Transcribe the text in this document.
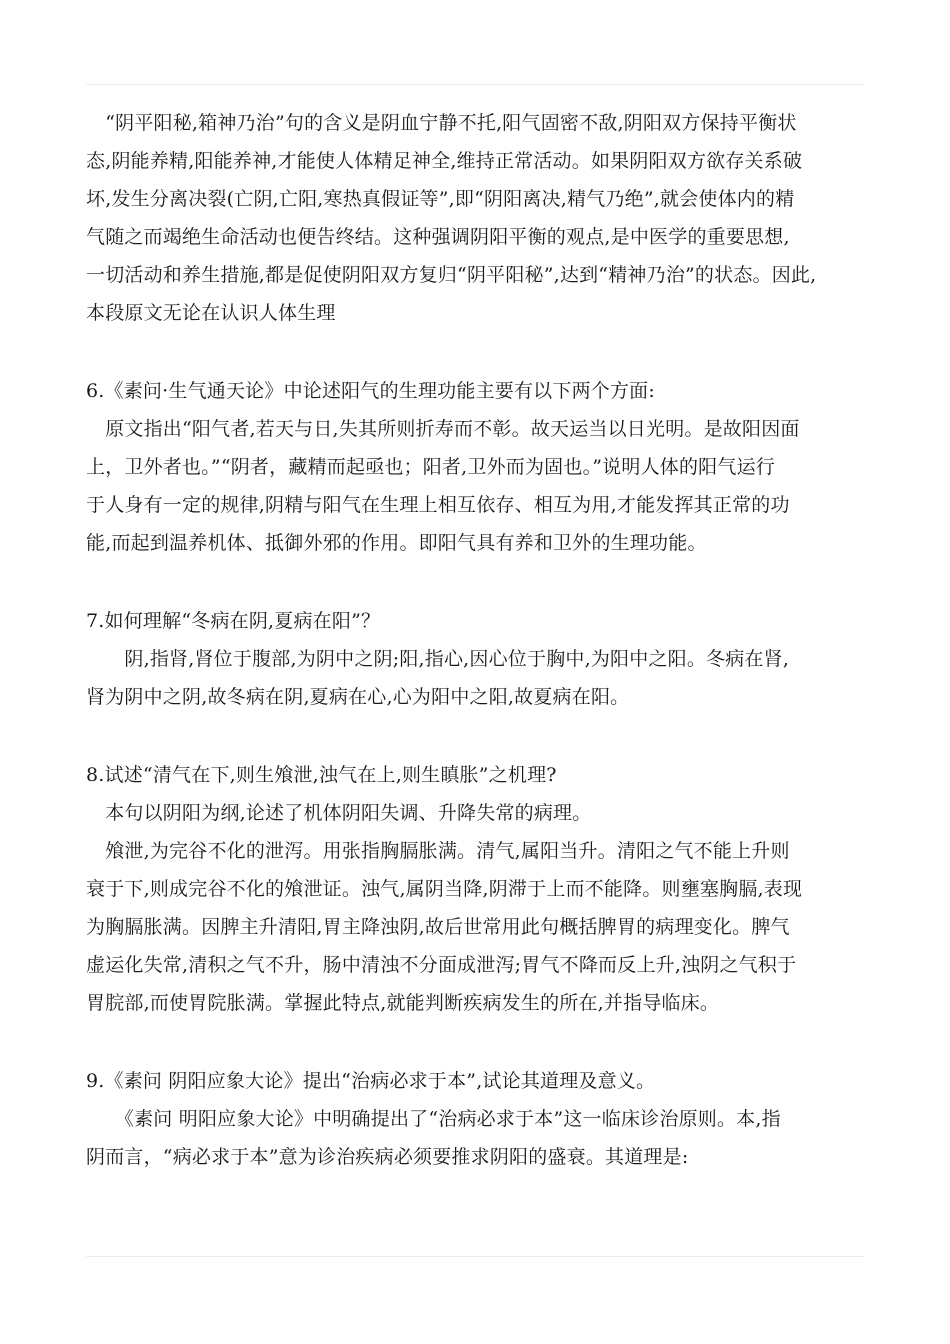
　“阴平阳秘,箱神乃治”句的含义是阴血宁静不托,阳气固密不敌,阴阳双方保持平衡状
态,阴能养精,阳能养神,才能使人体精足神全,维持正常活动。如果阴阳双方欲存关系破
坏,发生分离决裂(亡阴,亡阳,寒热真假证等”,即“阴阳离决,精气乃绝”,就会使体内的精
气随之而竭绝生命活动也便告终结。这种强调阴阳平衡的观点,是中医学的重要思想,
一切活动和养生措施,都是促使阴阳双方复归“阴平阳秘”,达到“精神乃治”的状态。因此,
本段原文无论在认识人体生理
6.《素问·生气通天论》中论述阳气的生理功能主要有以下两个方面:
　原文指出“阳气者,若天与日,失其所则折寿而不彰。故天运当以日光明。是故阳因面
上，卫外者也。”“阴者，藏精而起亟也；阳者,卫外而为固也。”说明人体的阳气运行
于人身有一定的规律,阴精与阳气在生理上相互依存、相互为用,才能发挥其正常的功
能,而起到温养机体、抵御外邪的作用。即阳气具有养和卫外的生理功能。
7.如何理解“冬病在阴,夏病在阳”？
　　阴,指肾,肾位于腹部,为阴中之阴;阳,指心,因心位于胸中,为阳中之阳。冬病在肾,
肾为阴中之阴,故冬病在阴,夏病在心,心为阳中之阳,故夏病在阳。
8.试述“清气在下,则生飧泄,浊气在上,则生瞋胀”之机理?
　本句以阴阳为纲,论述了机体阴阳失调、升降失常的病理。
　飧泄,为完谷不化的泄泻。用张指胸膈胀满。清气,属阳当升。清阳之气不能上升则
衰于下,则成完谷不化的飧泄证。浊气,属阴当降,阴滞于上而不能降。则壅塞胸膈,表现
为胸膈胀满。因脾主升清阳,胃主降浊阴,故后世常用此句概括脾胃的病理变化。脾气
虚运化失常,清积之气不升，肠中清浊不分面成泄泻;胃气不降而反上升,浊阴之气积于
胃脘部,而使胃院胀满。掌握此特点,就能判断疾病发生的所在,并指导临床。
9.《素问 阴阳应象大论》提出“治病必求于本”,试论其道理及意义。
　　《素问 明阳应象大论》中明确提出了“治病必求于本”这一临床诊治原则。本,指
阴而言，“病必求于本”意为诊治疾病必须要推求阴阳的盛衰。其道理是:
